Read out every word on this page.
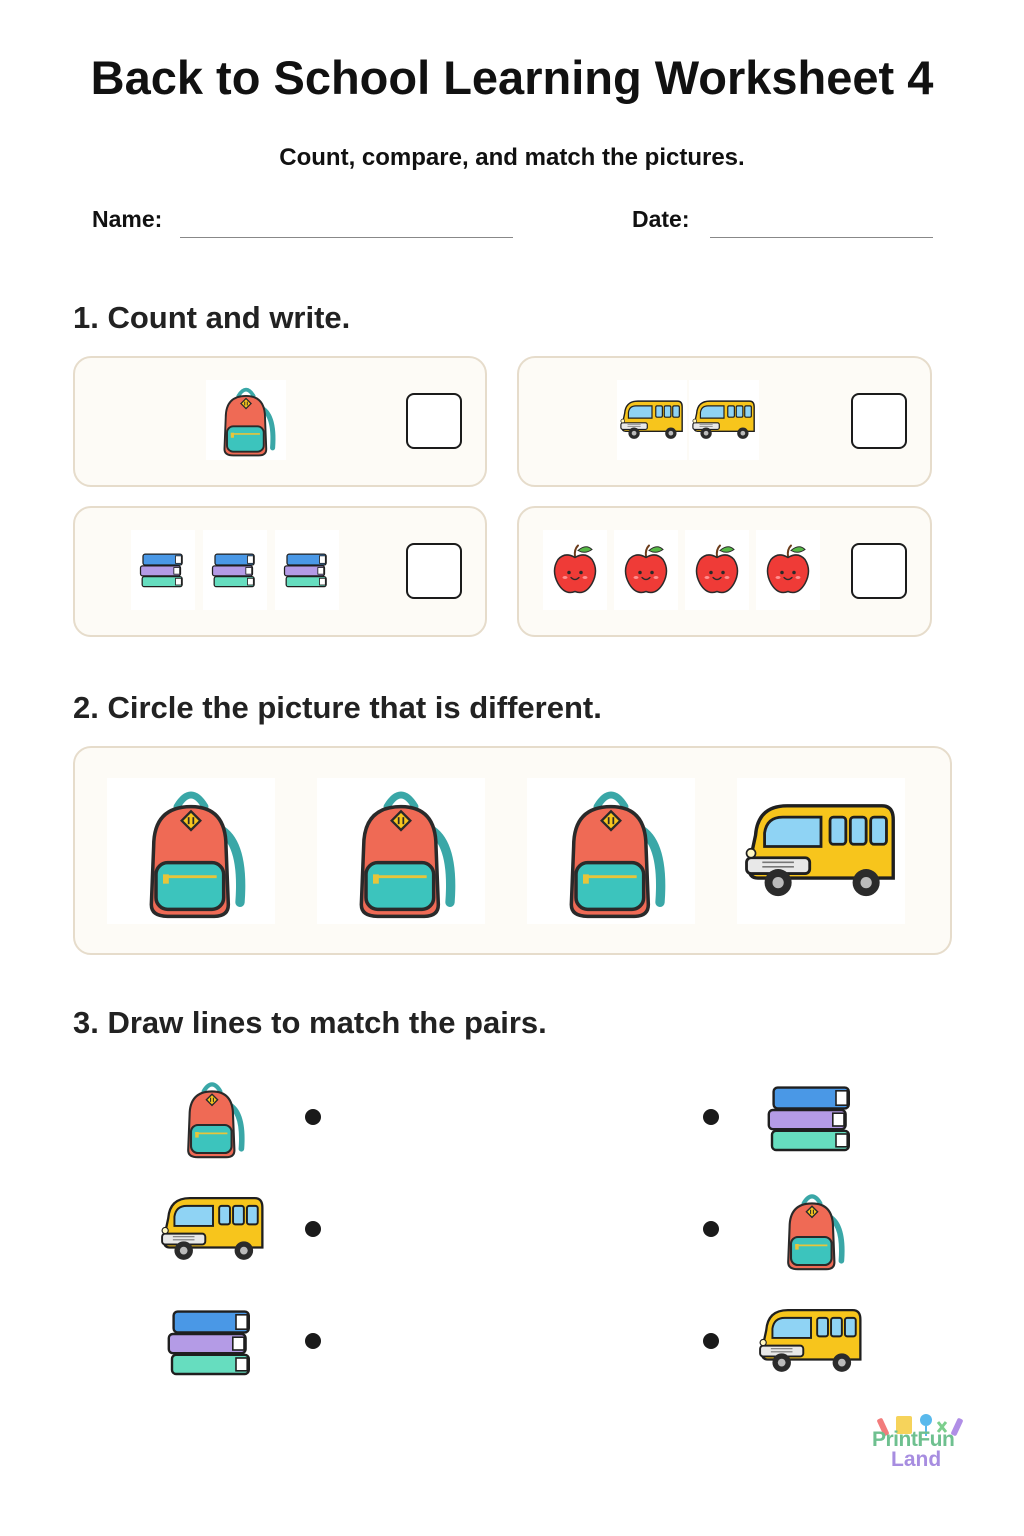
Back to School Learning Worksheet 4
Count, compare, and match the pictures.
Name:	Date:
1. Count and write.
2. Circle the picture that is different.
3. Draw lines to match the pairs.
PrintFun
Land
